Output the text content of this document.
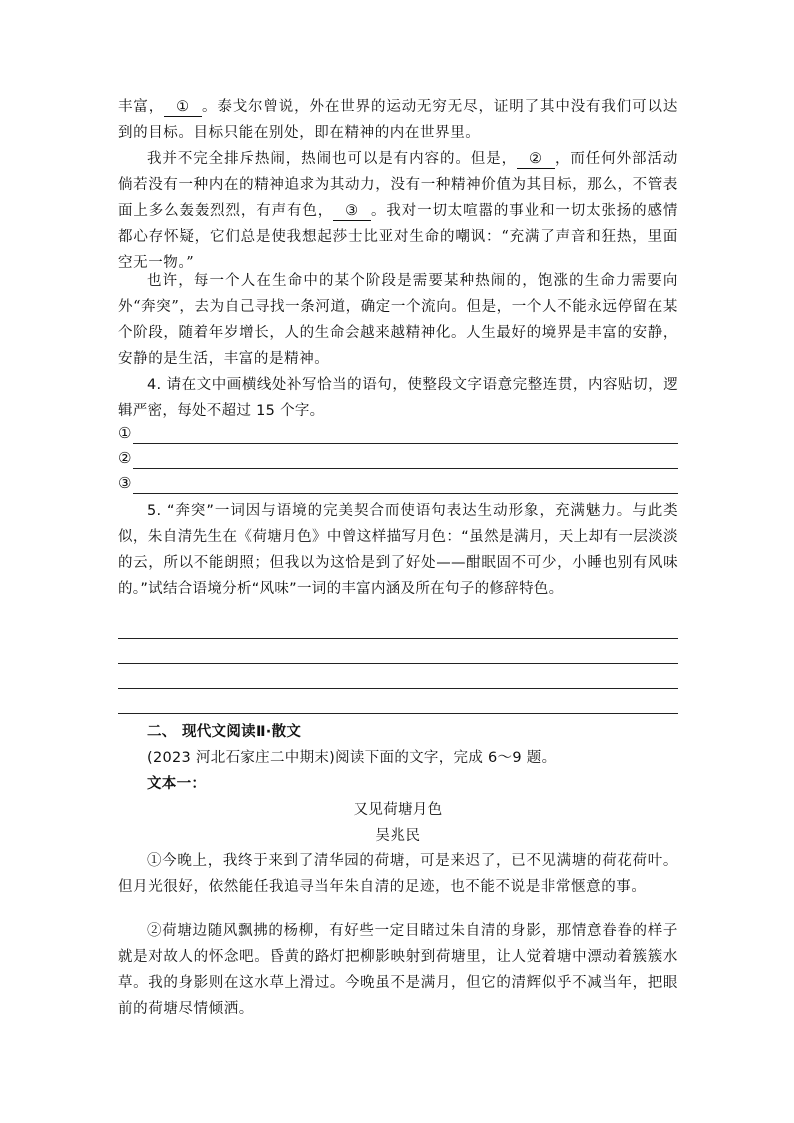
丰富， ① 。泰戈尔曾说，外在世界的运动无穷无尽，证明了其中没有我们可以达到的目标。目标只能在别处，即在精神的内在世界里。
我并不完全排斥热闹，热闹也可以是有内容的。但是， ② ，而任何外部活动倘若没有一种内在的精神追求为其动力，没有一种精神价值为其目标，那么，不管表面上多么轰轰烈烈，有声有色， ③ 。我对一切太喧嚣的事业和一切太张扬的感情都心存怀疑，它们总是使我想起莎士比亚对生命的嘲讽：“充满了声音和狂热，里面空无一物。”
也许，每一个人在生命中的某个阶段是需要某种热闹的，饱涨的生命力需要向外“奔突”，去为自己寻找一条河道，确定一个流向。但是，一个人不能永远停留在某个阶段，随着年岁增长，人的生命会越来越精神化。人生最好的境界是丰富的安静，安静的是生活，丰富的是精神。
4. 请在文中画横线处补写恰当的语句，使整段文字语意完整连贯，内容贴切，逻辑严密，每处不超过 15 个字。
①
②
③
5. “奔突”一词因与语境的完美契合而使语句表达生动形象，充满魅力。与此类似，朱自清先生在《荷塘月色》中曾这样描写月色：“虽然是满月，天上却有一层淡淡的云，所以不能朗照；但我以为这恰是到了好处——酣眠固不可少，小睡也别有风味的。”试结合语境分析“风味”一词的丰富内涵及所在句子的修辞特色。
二、 现代文阅读Ⅱ·散文
(2023 河北石家庄二中期末)阅读下面的文字，完成 6～9 题。
文本一：
又见荷塘月色
吴兆民
①今晚上，我终于来到了清华园的荷塘，可是来迟了，已不见满塘的荷花荷叶。但月光很好，依然能任我追寻当年朱自清的足迹，也不能不说是非常惬意的事。
②荷塘边随风飘拂的杨柳，有好些一定目睹过朱自清的身影，那情意眷眷的样子就是对故人的怀念吧。昏黄的路灯把柳影映射到荷塘里，让人觉着塘中漂动着簇簇水草。我的身影则在这水草上滑过。今晚虽不是满月，但它的清辉似乎不减当年，把眼前的荷塘尽情倾洒。
